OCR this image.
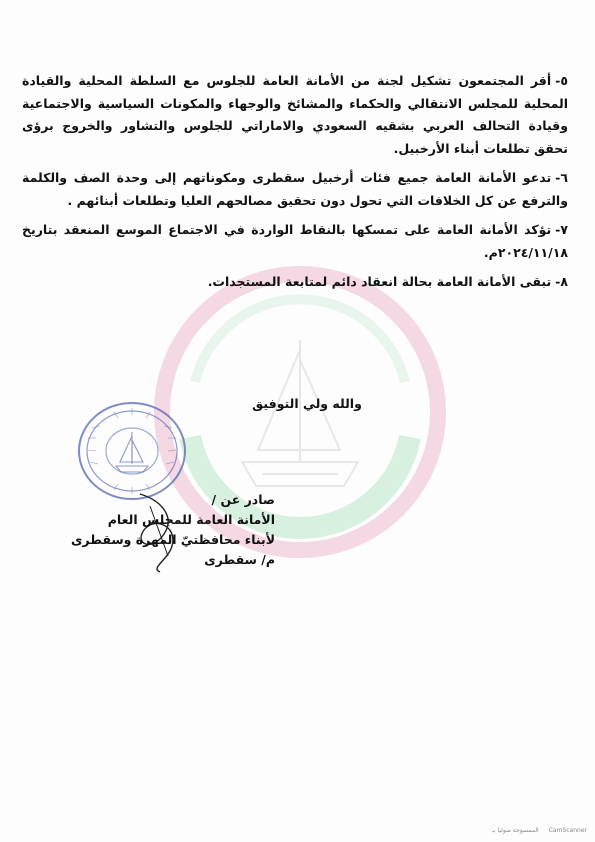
٥-أقر المجتمعون تشكيل لجنة من الأمانة العامة للجلوس مع السلطة المحلية والقيادة المحلية للمجلس الانتقالي والحكماء والمشائخ والوجهاء والمكونات السياسية والاجتماعية وقيادة التحالف العربي بشقيه السعودي والاماراتي للجلوس والتشاور والخروج برؤى تحقق تطلعات أبناء الأرخبيل.

٦-تدعو الأمانة العامة جميع فئات أرخبيل سقطرى ومكوناتهم إلى وحدة الصف والكلمة والترفع عن كل الخلافات التي تحول دون تحقيق مصالحهم العليا وتطلعات أبنائهم .

٧-تؤكد الأمانة العامة على تمسكها بالنقاط الواردة في الاجتماع الموسع المنعقد بتاريخ ٢٠٢٤/١١/١٨م.

٨-تبقى الأمانة العامة بحالة انعقاد دائم لمتابعة المستجدات.

والله ولي التوفيق
صادر عن /
الأمانة العامة للمجلس العام
لأبناء محافظتيّ المهرة وسقطرى
م/ سقطرى
الممسوحة ضوئيا بـ CamScanner
